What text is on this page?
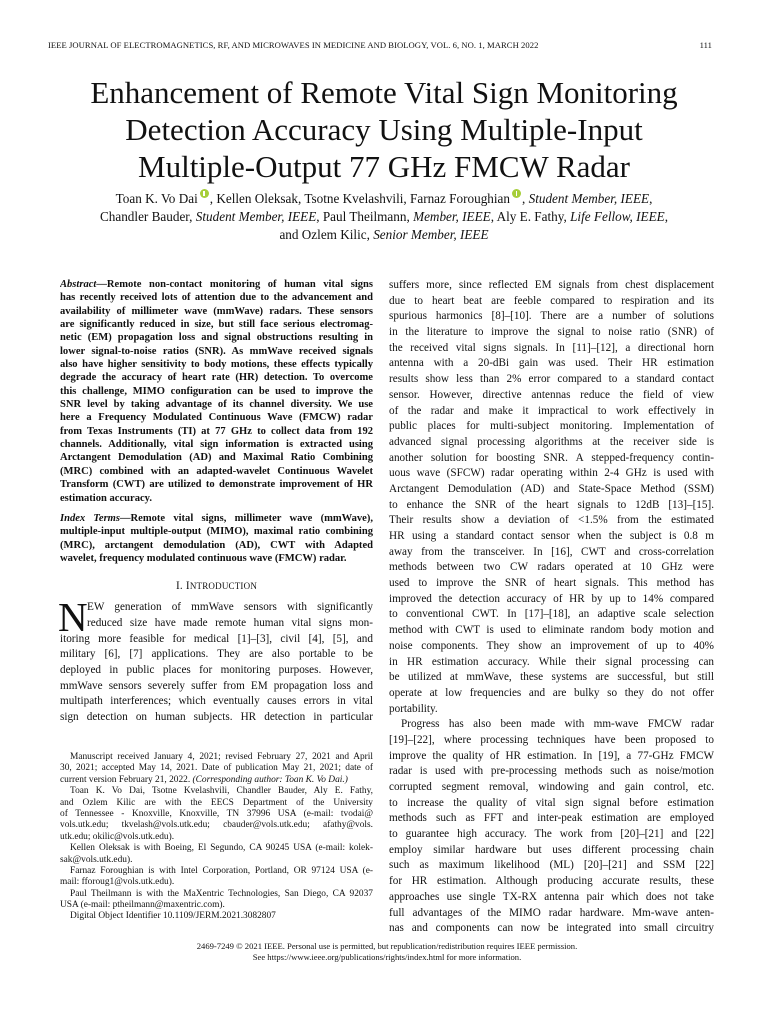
IEEE JOURNAL OF ELECTROMAGNETICS, RF, AND MICROWAVES IN MEDICINE AND BIOLOGY, VOL. 6, NO. 1, MARCH 2022	111
Enhancement of Remote Vital Sign Monitoring
Detection Accuracy Using Multiple-Input
Multiple-Output 77 GHz FMCW Radar
Toan K. Vo Dai , Kellen Oleksak, Tsotne Kvelashvili, Farnaz Foroughian , Student Member, IEEE,
Chandler Bauder, Student Member, IEEE, Paul Theilmann, Member, IEEE, Aly E. Fathy, Life Fellow, IEEE,
and Ozlem Kilic, Senior Member, IEEE
Abstract—Remote non-contact monitoring of human vital signs
has recently received lots of attention due to the advancement and
availability of millimeter wave (mmWave) radars. These sensors
are significantly reduced in size, but still face serious electromag-
netic (EM) propagation loss and signal obstructions resulting in
lower signal-to-noise ratios (SNR). As mmWave received signals
also have higher sensitivity to body motions, these effects typically
degrade the accuracy of heart rate (HR) detection. To overcome
this challenge, MIMO configuration can be used to improve the
SNR level by taking advantage of its channel diversity. We use
here a Frequency Modulated Continuous Wave (FMCW) radar
from Texas Instruments (TI) at 77 GHz to collect data from 192
channels. Additionally, vital sign information is extracted using
Arctangent Demodulation (AD) and Maximal Ratio Combining
(MRC) combined with an adapted-wavelet Continuous Wavelet
Transform (CWT) are utilized to demonstrate improvement of HR
estimation accuracy.
Index Terms—Remote vital signs, millimeter wave (mmWave),
multiple-input multiple-output (MIMO), maximal ratio combining
(MRC), arctangent demodulation (AD), CWT with Adapted
wavelet, frequency modulated continuous wave (FMCW) radar.
I. INTRODUCTION
N EW generation of mmWave sensors with significantly
reduced size have made remote human vital signs mon-
itoring more feasible for medical [1]–[3], civil [4], [5], and
military [6], [7] applications. They are also portable to be
deployed in public places for monitoring purposes. However,
mmWave sensors severely suffer from EM propagation loss and
multipath interferences; which eventually causes errors in vital
sign detection on human subjects. HR detection in particular
Manuscript received January 4, 2021; revised February 27, 2021 and April
30, 2021; accepted May 14, 2021. Date of publication May 21, 2021; date of
current version February 21, 2022. (Corresponding author: Toan K. Vo Dai.)
Toan K. Vo Dai, Tsotne Kvelashvili, Chandler Bauder, Aly E. Fathy,
and Ozlem Kilic are with the EECS Department of the University
of Tennessee - Knoxville, Knoxville, TN 37996 USA (e-mail: tvodai@
vols.utk.edu; tkvelash@vols.utk.edu; cbauder@vols.utk.edu; afathy@vols.
utk.edu; okilic@vols.utk.edu).
Kellen Oleksak is with Boeing, El Segundo, CA 90245 USA (e-mail: kolek-
sak@vols.utk.edu).
Farnaz Foroughian is with Intel Corporation, Portland, OR 97124 USA (e-
mail: fforoug1@vols.utk.edu).
Paul Theilmann is with the MaXentric Technologies, San Diego, CA 92037
USA (e-mail: ptheilmann@maxentric.com).
Digital Object Identifier 10.1109/JERM.2021.3082807
suffers more, since reflected EM signals from chest displacement
due to heart beat are feeble compared to respiration and its
spurious harmonics [8]–[10]. There are a number of solutions
in the literature to improve the signal to noise ratio (SNR) of
the received vital signs signals. In [11]–[12], a directional horn
antenna with a 20-dBi gain was used. Their HR estimation
results show less than 2% error compared to a standard contact
sensor. However, directive antennas reduce the field of view
of the radar and make it impractical to work effectively in
public places for multi-subject monitoring. Implementation of
advanced signal processing algorithms at the receiver side is
another solution for boosting SNR. A stepped-frequency contin-
uous wave (SFCW) radar operating within 2-4 GHz is used with
Arctangent Demodulation (AD) and State-Space Method (SSM)
to enhance the SNR of the heart signals to 12dB [13]–[15].
Their results show a deviation of <1.5% from the estimated
HR using a standard contact sensor when the subject is 0.8 m
away from the transceiver. In [16], CWT and cross-correlation
methods between two CW radars operated at 10 GHz were
used to improve the SNR of heart signals. This method has
improved the detection accuracy of HR by up to 14% compared
to conventional CWT. In [17]–[18], an adaptive scale selection
method with CWT is used to eliminate random body motion and
noise components. They show an improvement of up to 40%
in HR estimation accuracy. While their signal processing can
be utilized at mmWave, these systems are successful, but still
operate at low frequencies and are bulky so they do not offer
portability.
Progress has also been made with mm-wave FMCW radar
[19]–[22], where processing techniques have been proposed to
improve the quality of HR estimation. In [19], a 77-GHz FMCW
radar is used with pre-processing methods such as noise/motion
corrupted segment removal, windowing and gain control, etc.
to increase the quality of vital sign signal before estimation
methods such as FFT and inter-peak estimation are employed
to guarantee high accuracy. The work from [20]–[21] and [22]
employ similar hardware but uses different processing chain
such as maximum likelihood (ML) [20]–[21] and SSM [22]
for HR estimation. Although producing accurate results, these
approaches use single TX-RX antenna pair which does not take
full advantages of the MIMO radar hardware. Mm-wave anten-
nas and components can now be integrated into small circuitry
2469-7249 © 2021 IEEE. Personal use is permitted, but republication/redistribution requires IEEE permission.
See https://www.ieee.org/publications/rights/index.html for more information.
